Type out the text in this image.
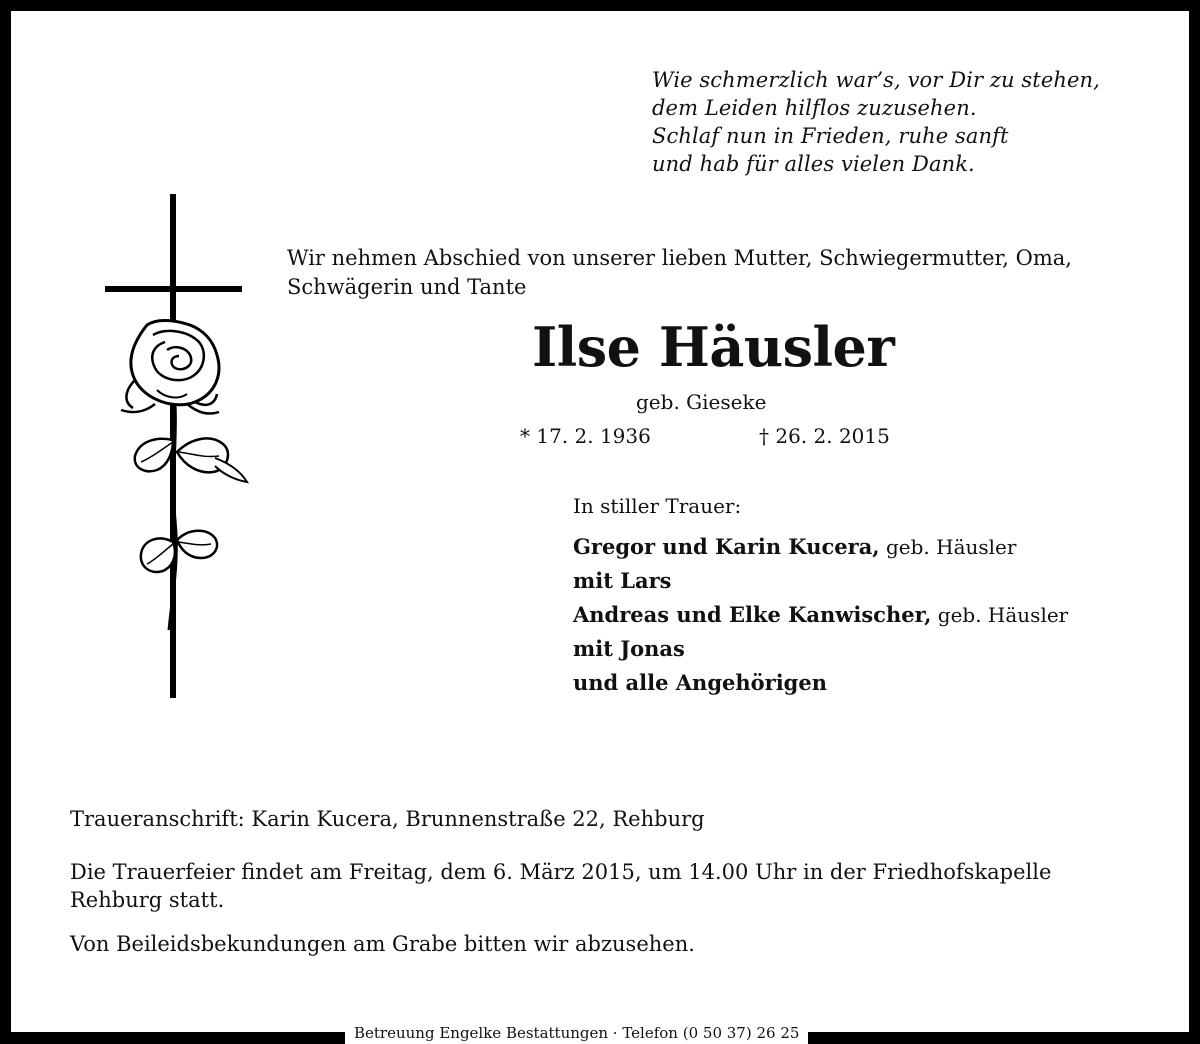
Wie schmerzlich war’s, vor Dir zu stehen,
dem Leiden hilflos zuzusehen.
Schlaf nun in Frieden, ruhe sanft
und hab für alles vielen Dank.
Wir nehmen Abschied von unserer lieben Mutter, Schwiegermutter, Oma,
Schwägerin und Tante
Ilse Häusler
geb. Gieseke
* 17. 2. 1936	† 26. 2. 2015
In stiller Trauer:
Gregor und Karin Kucera, geb. Häusler
mit Lars
Andreas und Elke Kanwischer, geb. Häusler
mit Jonas
und alle Angehörigen
Traueranschrift: Karin Kucera, Brunnenstraße 22, Rehburg
Die Trauerfeier findet am Freitag, dem 6. März 2015, um 14.00 Uhr in der Friedhofskapelle
Rehburg statt.
Von Beileidsbekundungen am Grabe bitten wir abzusehen.
Betreuung Engelke Bestattungen · Telefon (0 50 37) 26 25
